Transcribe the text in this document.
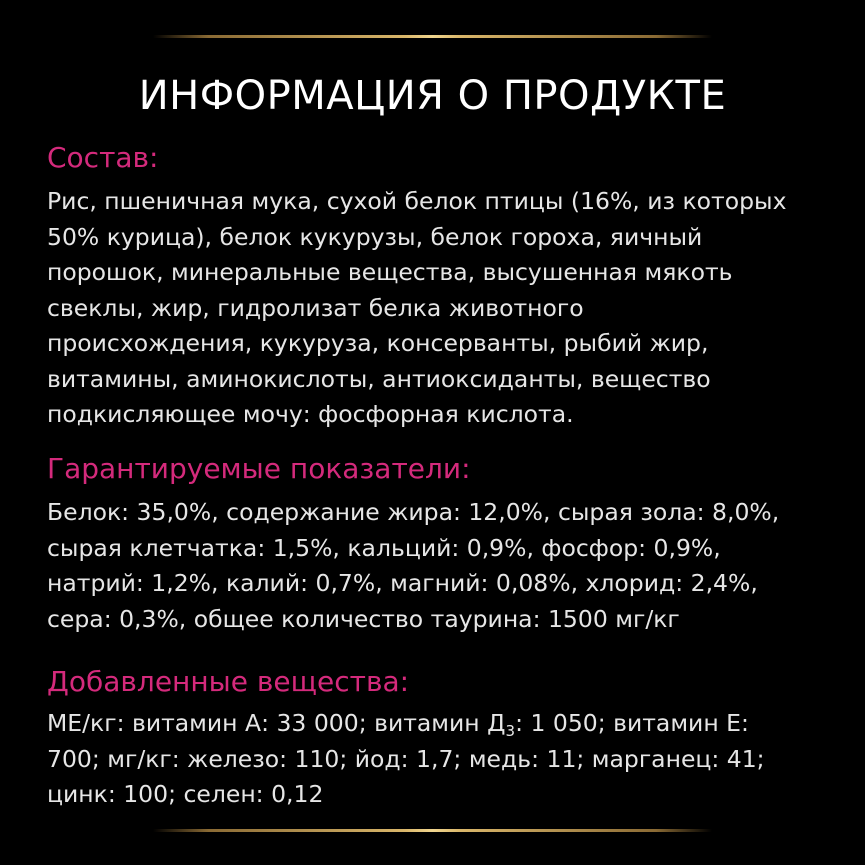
ИНФОРМАЦИЯ О ПРОДУКТЕ
Состав:
Рис, пшеничная мука, сухой белок птицы (16%, из которых
50% курица), белок кукурузы, белок гороха, яичный
порошок, минеральные вещества, высушенная мякоть
свеклы, жир, гидролизат белка животного
происхождения, кукуруза, консерванты, рыбий жир,
витамины, аминокислоты, антиоксиданты, вещество
подкисляющее мочу: фосфорная кислота.
Гарантируемые показатели:
Белок: 35,0%, содержание жира: 12,0%, сырая зола: 8,0%,
сырая клетчатка: 1,5%, кальций: 0,9%, фосфор: 0,9%,
натрий: 1,2%, калий: 0,7%, магний: 0,08%, хлорид: 2,4%,
сера: 0,3%, общее количество таурина: 1500 мг/кг
Добавленные вещества:
МЕ/кг: витамин А: 33 000; витамин $Д_3$: 1 050; витамин Е:
700; мг/кг: железо: 110; йод: 1,7; медь: 11; марганец: 41;
цинк: 100; селен: 0,12
